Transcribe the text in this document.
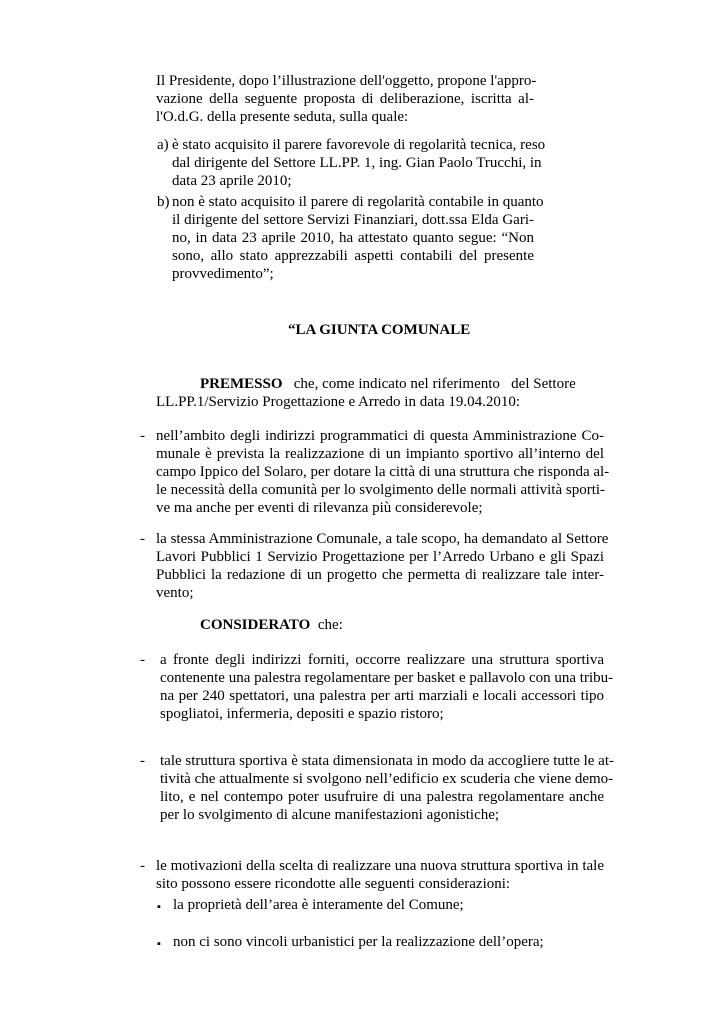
Il Presidente, dopo l’illustrazione dell'oggetto, propone l'appro-
vazione della seguente proposta di deliberazione, iscritta al-
l'O.d.G. della presente seduta, sulla quale:
a) è stato acquisito il parere favorevole di regolarità tecnica, reso
dal dirigente del Settore LL.PP. 1, ing. Gian Paolo Trucchi, in
data 23 aprile 2010;
b) non è stato acquisito il parere di regolarità contabile in quanto
il dirigente del settore Servizi Finanziari, dott.ssa Elda Gari-
no, in data 23 aprile 2010, ha attestato quanto segue: “Non
sono, allo stato apprezzabili aspetti contabili del presente
provvedimento”;
“LA GIUNTA COMUNALE
PREMESSO che, come indicato nel riferimento   del Settore
LL.PP.1/Servizio Progettazione e Arredo in data 19.04.2010:
- nell’ambito degli indirizzi programmatici di questa Amministrazione Co-
munale è prevista la realizzazione di un impianto sportivo all’interno del
campo Ippico del Solaro, per dotare la città di una struttura che risponda al-
le necessità della comunità per lo svolgimento delle normali attività sporti-
ve ma anche per eventi di rilevanza più considerevole;
- la stessa Amministrazione Comunale, a tale scopo, ha demandato al Settore
Lavori Pubblici 1 Servizio Progettazione per l’Arredo Urbano e gli Spazi
Pubblici la redazione di un progetto che permetta di realizzare tale inter-
vento;
CONSIDERATO che:
- a fronte degli indirizzi forniti, occorre realizzare una struttura sportiva
contenente una palestra regolamentare per basket e pallavolo con una tribu-
na per 240 spettatori, una palestra per arti marziali e locali accessori tipo
spogliatoi, infermeria, depositi e spazio ristoro;
- tale struttura sportiva è stata dimensionata in modo da accogliere tutte le at-
tività che attualmente si svolgono nell’edificio ex scuderia che viene demo-
lito, e nel contempo poter usufruire di una palestra regolamentare anche
per lo svolgimento di alcune manifestazioni agonistiche;
- le motivazioni della scelta di realizzare una nuova struttura sportiva in tale
sito possono essere ricondotte alle seguenti considerazioni:
▪ la proprietà dell’area è interamente del Comune;
▪ non ci sono vincoli urbanistici per la realizzazione dell’opera;
